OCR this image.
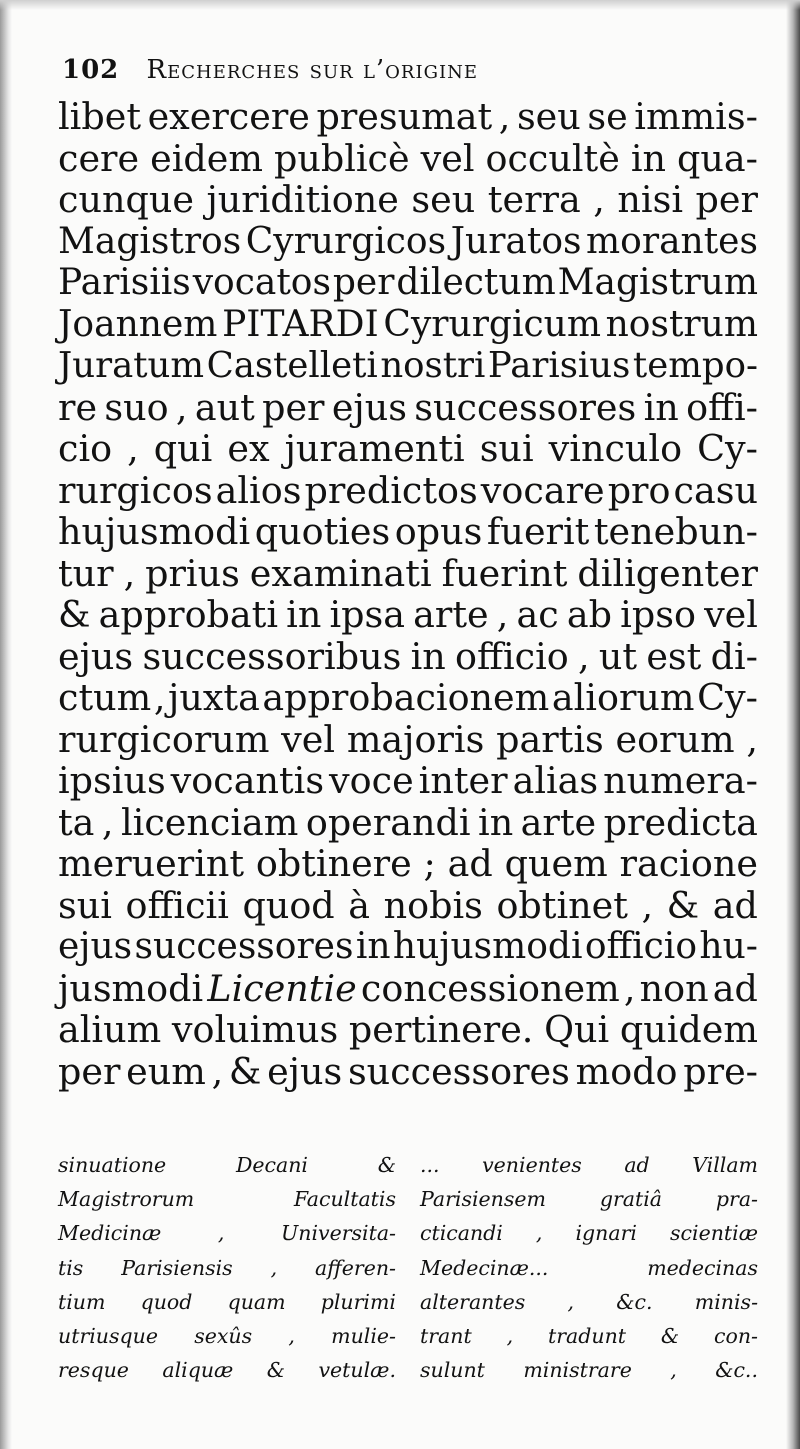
102 Recherches sur l’origine
libet exercere presumat , seu se immis-
cere eidem publicè vel occultè in qua-
cunque juriditione seu terra , nisi per
Magistros Cyrurgicos Juratos morantes
Parisiis vocatos per dilectum Magistrum
Joannem PITARDI Cyrurgicum nostrum
Juratum Castelleti nostri Parisius tempo-
re suo , aut per ejus successores in offi-
cio , qui ex juramenti sui vinculo Cy-
rurgicos alios predictos vocare pro casu
hujusmodi quoties opus fuerit tenebun-
tur , prius examinati fuerint diligenter
& approbati in ipsa arte , ac ab ipso vel
ejus successoribus in officio , ut est di-
ctum , juxta approbacionem aliorum Cy-
rurgicorum vel majoris partis eorum ,
ipsius vocantis voce inter alias numera-
ta , licenciam operandi in arte predicta
meruerint obtinere ; ad quem racione
sui officii quod à nobis obtinet , & ad
ejus successores in hujusmodi officio hu-
jusmodi Licentie concessionem , non ad
alium voluimus pertinere. Qui quidem
per eum , & ejus successores modo pre-
sinuatione	Decani	&
Magistrorum	Facultatis
Medicinæ	,	Universita-
tis Parisiensis , afferen-
tium quod quam plurimi
utriusque sexûs , mulie-
resque aliquæ & vetulæ.
... venientes ad Villam
Parisiensem	gratiâ	pra-
cticandi , ignari scientiæ
Medecinæ...	medecinas
alterantes , &c. minis-
trant , tradunt & con-
sulunt ministrare , &c..
